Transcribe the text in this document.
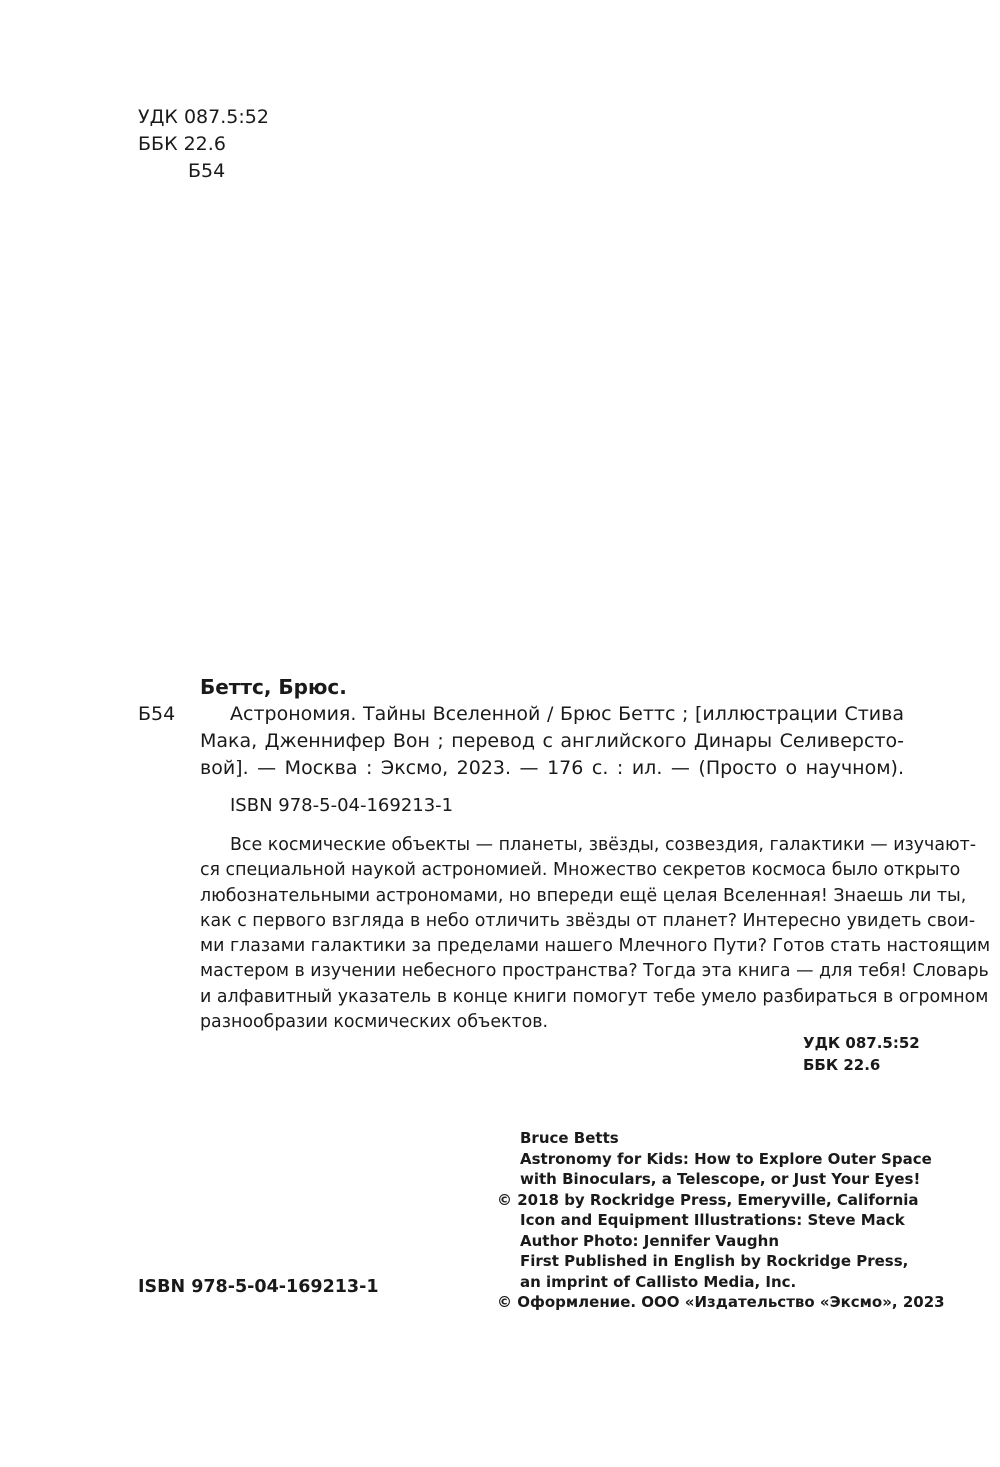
УДК 087.5:52
ББК 22.6
Б54
Беттс, Брюс.
Б54	Астрономия. Тайны Вселенной / Брюс Беттс ; [иллюстрации Стива
Мака, Дженнифер Вон ; перевод с английского Динары Селиверсто-
вой]. — Москва : Эксмо, 2023. — 176 с. : ил. — (Просто о научном).
ISBN 978-5-04-169213-1
Все космические объекты — планеты, звёзды, созвездия, галактики — изучают-
ся специальной наукой астрономией. Множество секретов космоса было открыто
любознательными астрономами, но впереди ещё целая Вселенная! Знаешь ли ты,
как с первого взгляда в небо отличить звёзды от планет? Интересно увидеть свои-
ми глазами галактики за пределами нашего Млечного Пути? Готов стать настоящим
мастером в изучении небесного пространства? Тогда эта книга — для тебя! Словарь
и алфавитный указатель в конце книги помогут тебе умело разбираться в огромном
разнообразии космических объектов.
УДК 087.5:52
ББК 22.6
Bruce Betts
Astronomy for Kids: How to Explore Outer Space
with Binoculars, a Telescope, or Just Your Eyes!
© 2018 by Rockridge Press, Emeryville, California
Icon and Equipment Illustrations: Steve Mack
Author Photo: Jennifer Vaughn
First Published in English by Rockridge Press,
an imprint of Callisto Media, Inc.
© Оформление. ООО «Издательство «Эксмо», 2023
ISBN 978-5-04-169213-1
